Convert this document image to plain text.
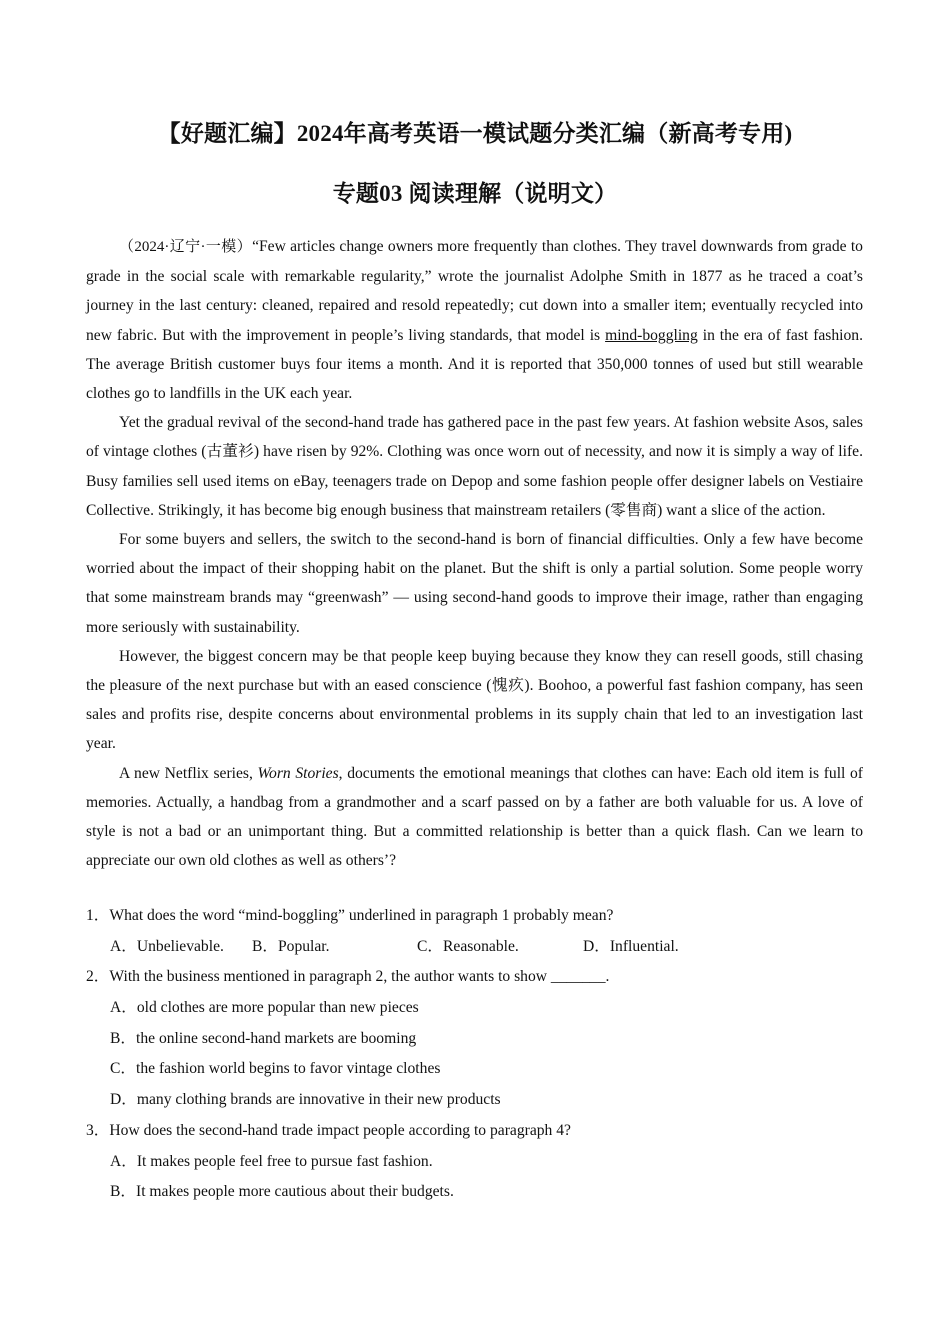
【好题汇编】2024年高考英语一模试题分类汇编（新高考专用)
专题03 阅读理解（说明文）

（2024·辽宁·一模）“Few articles change owners more frequently than clothes. They travel downwards from grade to grade in the social scale with remarkable regularity,” wrote the journalist Adolphe Smith in 1877 as he traced a coat’s journey in the last century: cleaned, repaired and resold repeatedly; cut down into a smaller item; eventually recycled into new fabric. But with the improvement in people’s living standards, that model is mind-boggling in the era of fast fashion. The average British customer buys four items a month. And it is reported that 350,000 tonnes of used but still wearable clothes go to landfills in the UK each year.

Yet the gradual revival of the second-hand trade has gathered pace in the past few years. At fashion website Asos, sales of vintage clothes (古董衫) have risen by 92%. Clothing was once worn out of necessity, and now it is simply a way of life. Busy families sell used items on eBay, teenagers trade on Depop and some fashion people offer designer labels on Vestiaire Collective. Strikingly, it has become big enough business that mainstream retailers (零售商) want a slice of the action.

For some buyers and sellers, the switch to the second-hand is born of financial difficulties. Only a few have become worried about the impact of their shopping habit on the planet. But the shift is only a partial solution. Some people worry that some mainstream brands may “greenwash” — using second-hand goods to improve their image, rather than engaging more seriously with sustainability.

However, the biggest concern may be that people keep buying because they know they can resell goods, still chasing the pleasure of the next purchase but with an eased conscience (愧疚). Boohoo, a powerful fast fashion company, has seen sales and profits rise, despite concerns about environmental problems in its supply chain that led to an investigation last year.

A new Netflix series, Worn Stories, documents the emotional meanings that clothes can have: Each old item is full of memories. Actually, a handbag from a grandmother and a scarf passed on by a father are both valuable for us. A love of style is not a bad or an unimportant thing. But a committed relationship is better than a quick flash. Can we learn to appreciate our own old clothes as well as others’?

1．What does the word “mind-boggling” underlined in paragraph 1 probably mean?
A．Unbelievable. B．Popular.	C．Reasonable.	D．Influential.
2．With the business mentioned in paragraph 2, the author wants to show _______.
A．old clothes are more popular than new pieces
B．the online second-hand markets are booming
C．the fashion world begins to favor vintage clothes
D．many clothing brands are innovative in their new products
3．How does the second-hand trade impact people according to paragraph 4?
A．It makes people feel free to pursue fast fashion.
B．It makes people more cautious about their budgets.
